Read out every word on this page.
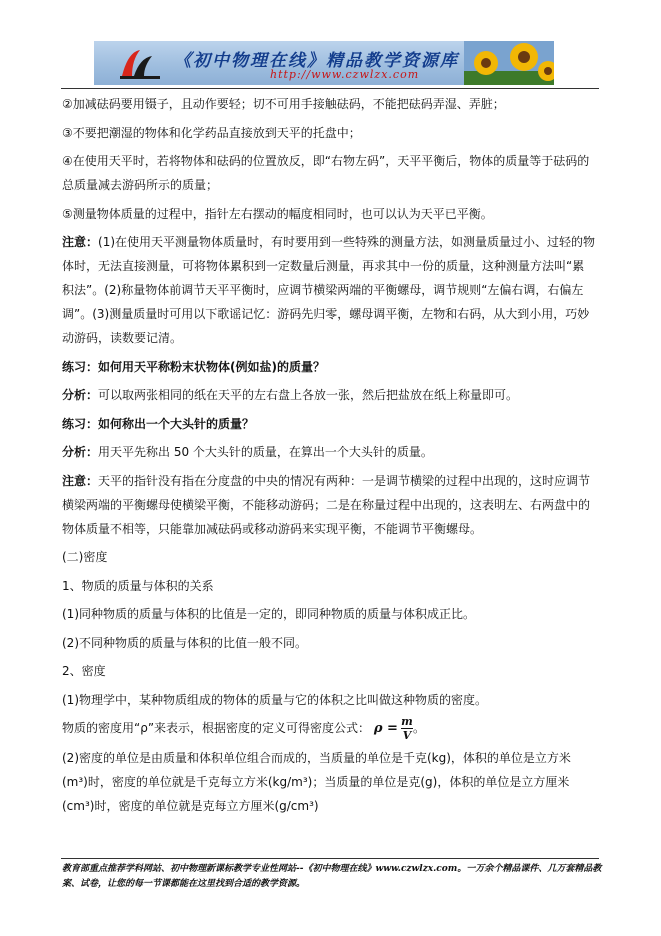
《初中物理在线》精品教学资源库
http://www.czwlzx.com

②加减砝码要用镊子，且动作要轻；切不可用手接触砝码，不能把砝码弄湿、弄脏；

③不要把潮湿的物体和化学药品直接放到天平的托盘中；

④在使用天平时，若将物体和砝码的位置放反，即“右物左码”，天平平衡后，物体的质量等于砝码的总质量减去游码所示的质量；

⑤测量物体质量的过程中，指针左右摆动的幅度相同时，也可以认为天平已平衡。

注意：(1)在使用天平测量物体质量时，有时要用到一些特殊的测量方法，如测量质量过小、过轻的物体时，无法直接测量，可将物体累积到一定数量后测量，再求其中一份的质量，这种测量方法叫“累积法”。(2)称量物体前调节天平平衡时，应调节横梁两端的平衡螺母，调节规则“左偏右调，右偏左调”。(3)测量质量时可用以下歌谣记忆：游码先归零，螺母调平衡，左物和右码，从大到小用，巧妙动游码，读数要记清。

练习：如何用天平称粉末状物体(例如盐)的质量？

分析：可以取两张相同的纸在天平的左右盘上各放一张，然后把盐放在纸上称量即可。

练习：如何称出一个大头针的质量？

分析：用天平先称出 50 个大头针的质量，在算出一个大头针的质量。

注意：天平的指针没有指在分度盘的中央的情况有两种：一是调节横梁的过程中出现的，这时应调节横梁两端的平衡螺母使横梁平衡，不能移动游码；二是在称量过程中出现的，这表明左、右两盘中的物体质量不相等，只能靠加减砝码或移动游码来实现平衡，不能调节平衡螺母。

(二)密度

1、物质的质量与体积的关系

(1)同种物质的质量与体积的比值是一定的，即同种物质的质量与体积成正比。

(2)不同种物质的质量与体积的比值一般不同。

2、密度

(1)物理学中，某种物质组成的物体的质量与它的体积之比叫做这种物质的密度。

物质的密度用“ρ”来表示，根据密度的定义可得密度公式： $\rho = \frac{m}{V}$ 。

(2)密度的单位是由质量和体积单位组合而成的，当质量的单位是千克(kg)，体积的单位是立方米(m³)时，密度的单位就是千克每立方米(kg/m³)；当质量的单位是克(g)，体积的单位是立方厘米(cm³)时，密度的单位就是克每立方厘米(g/cm³)

教育部重点推荐学科网站、初中物理新课标教学专业性网站--《初中物理在线》www.czwlzx.com。一万余个精品课件、几万套精品教案、试卷，让您的每一节课都能在这里找到合适的教学资源。
